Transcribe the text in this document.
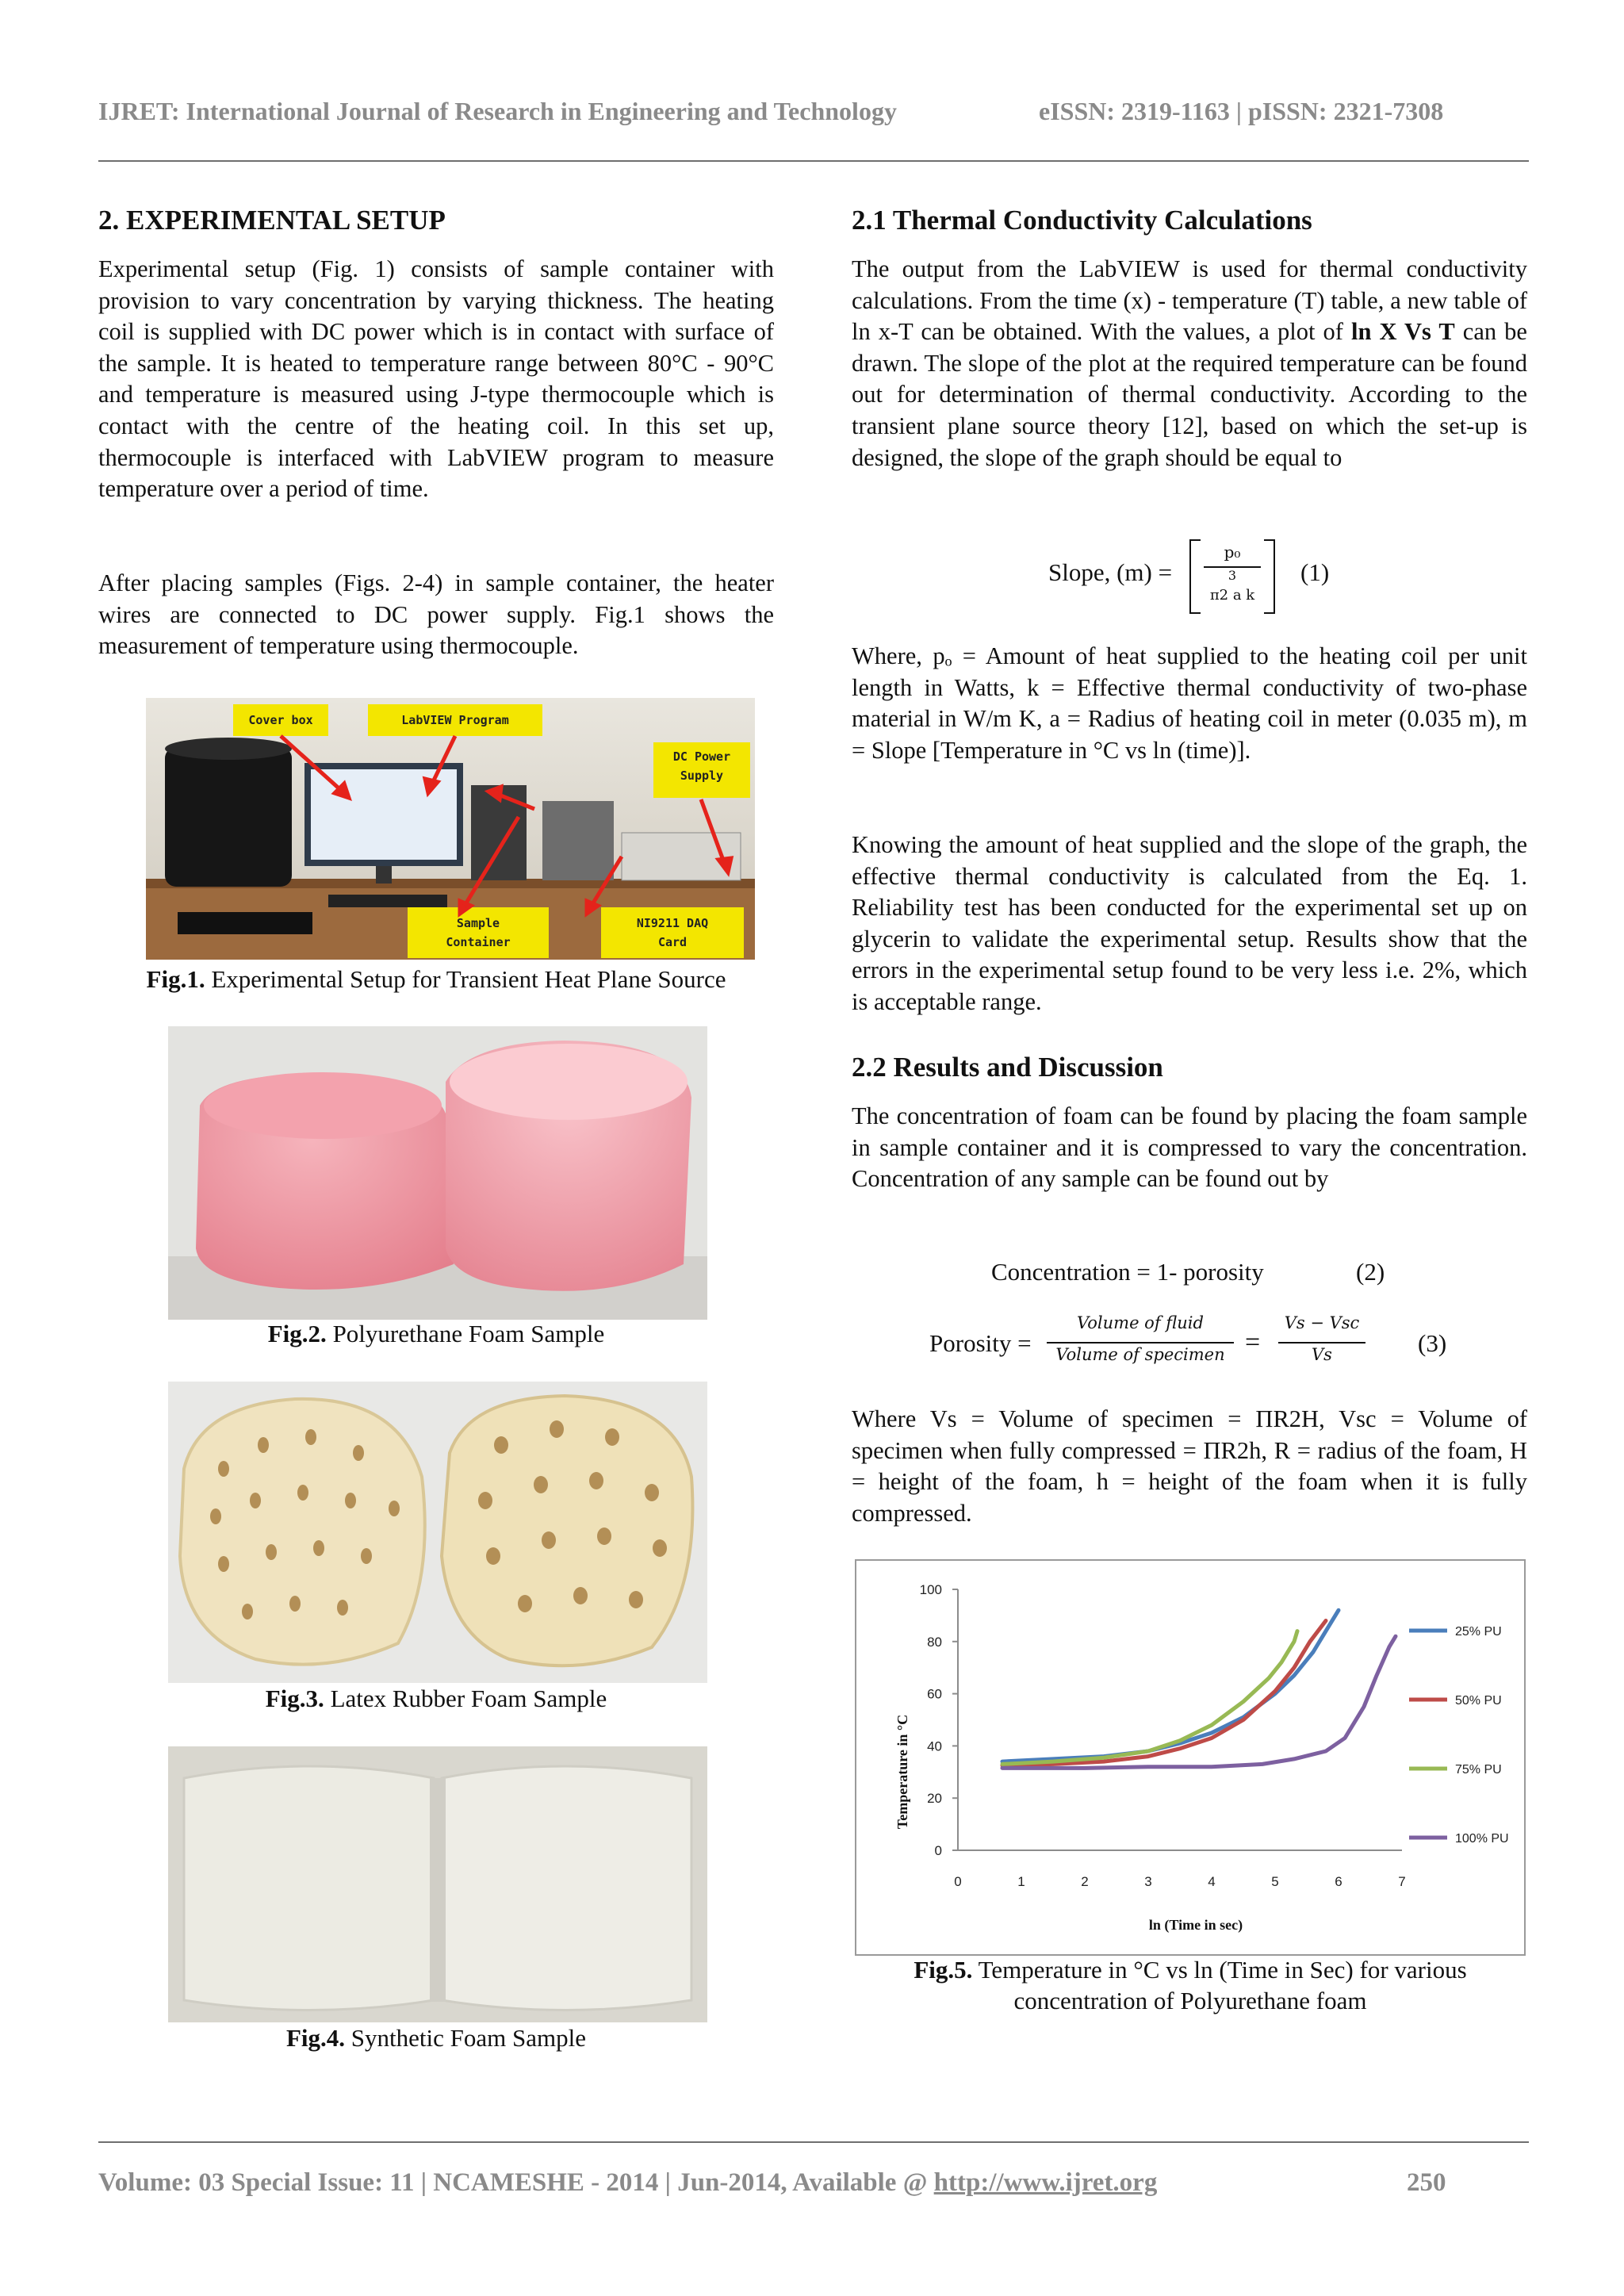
IJRET: International Journal of Research in Engineering and Technology	eISSN: 2319-1163 | pISSN: 2321-7308
2. EXPERIMENTAL SETUP
Experimental setup (Fig. 1) consists of sample container with provision to vary concentration by varying thickness. The heating coil is supplied with DC power which is in contact with surface of the sample. It is heated to temperature range between 80°C - 90°C and temperature is measured using J-type thermocouple which is contact with the centre of the heating coil. In this set up, thermocouple is interfaced with LabVIEW program to measure temperature over a period of time.
After placing samples (Figs. 2-4) in sample container, the heater wires are connected to DC power supply. Fig.1 shows the measurement of temperature using thermocouple.
Cover box	LabVIEW Program
DC Power
Supply
Sample
Container
NI9211 DAQ
Card
Fig.1. Experimental Setup for Transient Heat Plane Source
Fig.2. Polyurethane Foam Sample
Fig.3. Latex Rubber Foam Sample
Fig.4. Synthetic Foam Sample
2.1 Thermal Conductivity Calculations
The output from the LabVIEW is used for thermal conductivity calculations. From the time (x) - temperature (T) table, a new table of ln x-T can be obtained. With the values, a plot of ln X Vs T can be drawn. The slope of the plot at the required temperature can be found out for determination of thermal conductivity. According to the transient plane source theory [12], based on which the set-up is designed, the slope of the graph should be equal to
Slope, (m) =
p₀
3
π2 a k
(1)
Where, pₒ = Amount of heat supplied to the heating coil per unit length in Watts, k = Effective thermal conductivity of two-phase material in W/m K, a = Radius of heating coil in meter (0.035 m), m = Slope [Temperature in °C vs ln (time)].
Knowing the amount of heat supplied and the slope of the graph, the effective thermal conductivity is calculated from the Eq. 1. Reliability test has been conducted for the experimental set up on glycerin to validate the experimental setup. Results show that the errors in the experimental setup found to be very less i.e. 2%, which is acceptable range.
2.2 Results and Discussion
The concentration of foam can be found by placing the foam sample in sample container and it is compressed to vary the concentration. Concentration of any sample can be found out by
Concentration = 1- porosity	(2)
Porosity =
Volume of fluid
Volume of specimen =
Vs − Vsc
Vs	(3)
Where Vs = Volume of specimen = ΠR2H, Vsc = Volume of specimen when fully compressed = ΠR2h, R = radius of the foam, H = height of the foam, h = height of the foam when it is fully compressed.
0
20
40
60
80
100
0	1	2	3	4	5	6	7
ln (Time in sec)
Temperature in °C
25% PU
50% PU
75% PU
100% PU
Fig.5. Temperature in °C vs ln (Time in Sec) for various concentration of Polyurethane foam
Volume: 03 Special Issue: 11 | NCAMESHE - 2014 | Jun-2014, Available @ http://www.ijret.org	250
